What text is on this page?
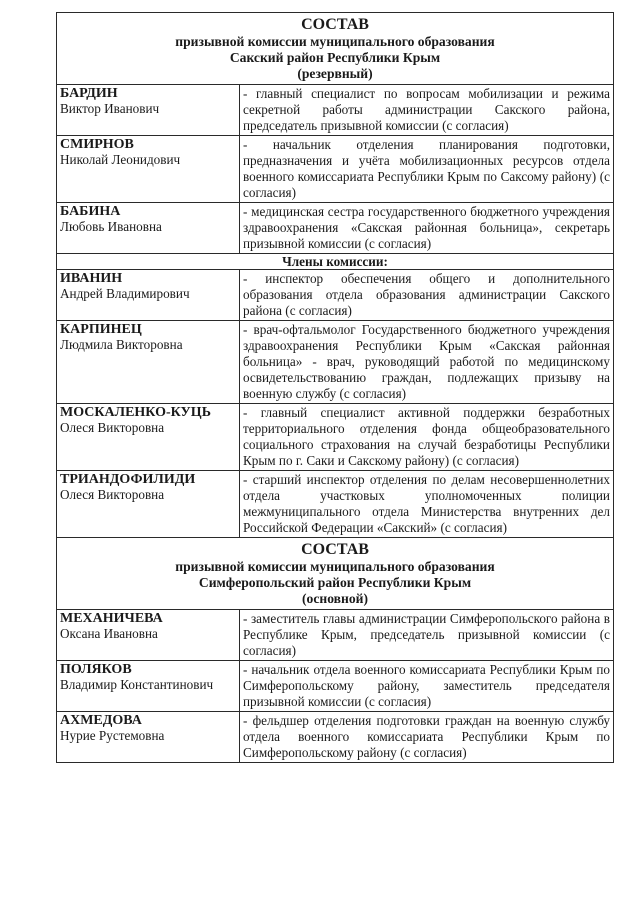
СОСТАВ
призывной комиссии муниципального образования
Сакский район Республики Крым
(резервный)	

БАРДИН
Виктор Иванович	- главный специалист по вопросам мобилизации и режима секретной работы администрации Сакского района, председатель призывной комиссии (с согласия)

СМИРНОВ
Николай Леонидович	- начальник отделения планирования подготовки, предназначения и учёта мобилизационных ресурсов отдела военного комиссариата Республики Крым по Саксому району) (с согласия)

БАБИНА
Любовь Ивановна	- медицинская сестра государственного бюджетного учреждения здравоохранения «Сакская районная больница», секретарь призывной комиссии (с согласия)
Члены комиссии:	

ИВАНИН
Андрей Владимирович	- инспектор обеспечения общего и дополнительного образования отдела образования администрации Сакского района (с согласия)

КАРПИНЕЦ
Людмила Викторовна	- врач-офтальмолог Государственного бюджетного учреждения здравоохранения Республики Крым «Сакская районная больница» - врач, руководящий работой по медицинскому освидетельствованию граждан, подлежащих призыву на военную службу (с согласия)

МОСКАЛЕНКО-КУЦЬ
Олеся Викторовна	- главный специалист активной поддержки безработных территориального отделения фонда общеобразовательного социального страхования на случай безработицы Республики Крым по г. Саки и Сакскому району) (с согласия)

ТРИАНДОФИЛИДИ
Олеся Викторовна	- старший инспектор отделения по делам несовершеннолетних отдела участковых уполномоченных полиции межмуниципального отдела Министерства внутренних дел Российской Федерации «Сакский» (с согласия)

СОСТАВ
призывной комиссии муниципального образования
Симферопольский район Республики Крым
(основной)	

МЕХАНИЧЕВА
Оксана Ивановна	- заместитель главы администрации Симферопольского района в Республике Крым, председатель призывной комиссии (с согласия)

ПОЛЯКОВ
Владимир Константинович	- начальник отдела военного комиссариата Республики Крым по Симферопольскому району, заместитель председателя призывной комиссии (с согласия)

АХМЕДОВА
Нурие Рустемовна	- фельдшер отделения подготовки граждан на военную службу отдела военного комиссариата Республики Крым по Симферопольскому району (с согласия)
